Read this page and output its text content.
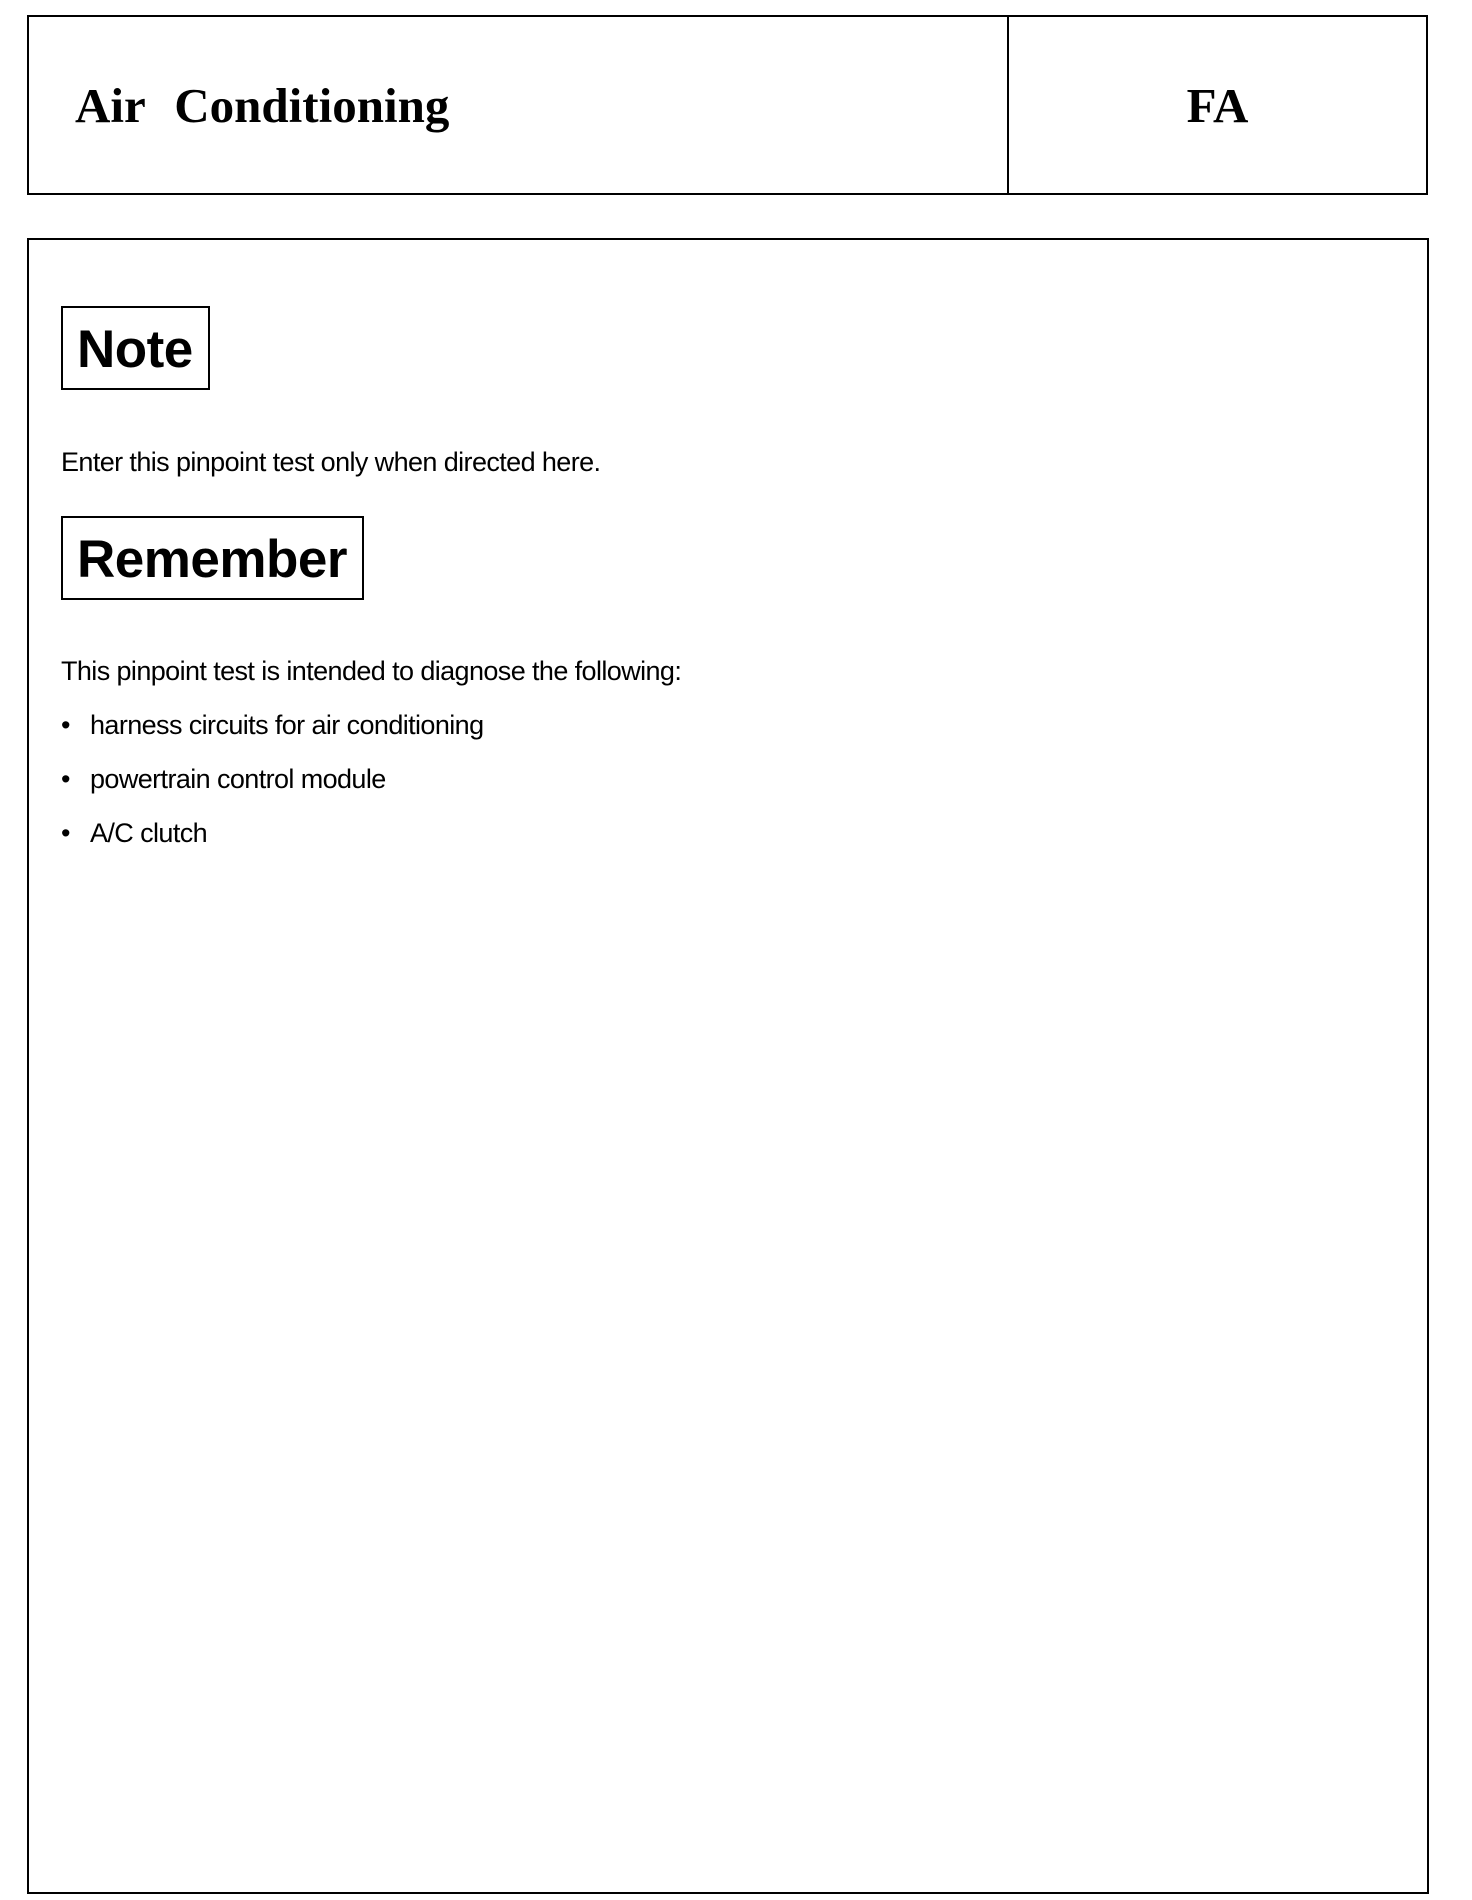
Air Conditioning	FA
Note
Enter this pinpoint test only when directed here.
Remember
This pinpoint test is intended to diagnose the following:
• harness circuits for air conditioning
• powertrain control module
• A/C clutch
